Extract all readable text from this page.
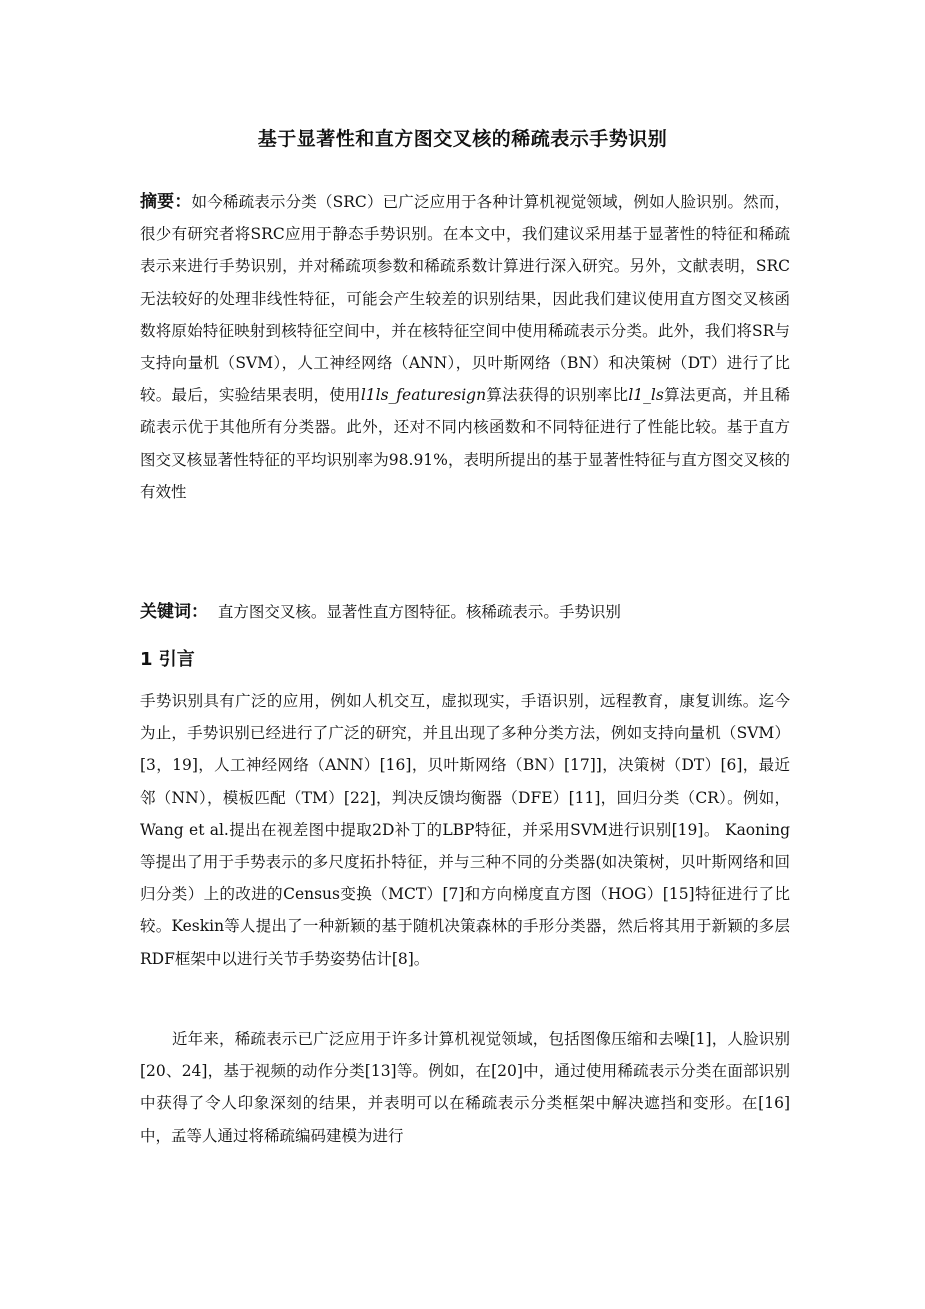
基于显著性和直方图交叉核的稀疏表示手势识别

摘要：如今稀疏表示分类（SRC）已广泛应用于各种计算机视觉领域，例如人脸识别。然而，很少有研究者将SRC应用于静态手势识别。在本文中，我们建议采用基于显著性的特征和稀疏表示来进行手势识别，并对稀疏项参数和稀疏系数计算进行深入研究。另外，文献表明，SRC无法较好的处理非线性特征，可能会产生较差的识别结果，因此我们建议使用直方图交叉核函数将原始特征映射到核特征空间中，并在核特征空间中使用稀疏表示分类。此外，我们将SR与支持向量机（SVM），人工神经网络（ANN），贝叶斯网络（BN）和决策树（DT）进行了比较。最后，实验结果表明，使用l1ls_featuresign算法获得的识别率比l1_ls算法更高，并且稀疏表示优于其他所有分类器。此外，还对不同内核函数和不同特征进行了性能比较。基于直方图交叉核显著性特征的平均识别率为98.91%，表明所提出的基于显著性特征与直方图交叉核的有效性

关键词： 直方图交叉核。显著性直方图特征。核稀疏表示。手势识别
1 引言

手势识别具有广泛的应用，例如人机交互，虚拟现实，手语识别，远程教育，康复训练。迄今为止，手势识别已经进行了广泛的研究，并且出现了多种分类方法，例如支持向量机（SVM）[3，19]，人工神经网络（ANN）[16]，贝叶斯网络（BN）[17]]，决策树（DT）[6]，最近邻（NN），模板匹配（TM）[22]，判决反馈均衡器（DFE）[11]，回归分类（CR）。例如，Wang et al.提出在视差图中提取2D补丁的LBP特征，并采用SVM进行识别[19]。 Kaoning等提出了用于手势表示的多尺度拓扑特征，并与三种不同的分类器(如决策树，贝叶斯网络和回归分类）上的改进的Census变换（MCT）[7]和方向梯度直方图（HOG）[15]特征进行了比较。Keskin等人提出了一种新颖的基于随机决策森林的手形分类器，然后将其用于新颖的多层RDF框架中以进行关节手势姿势估计[8]。

近年来，稀疏表示已广泛应用于许多计算机视觉领域，包括图像压缩和去噪[1]，人脸识别[20、24]，基于视频的动作分类[13]等。例如，在[20]中，通过使用稀疏表示分类在面部识别中获得了令人印象深刻的结果，并表明可以在稀疏表示分类框架中解决遮挡和变形。在[16]中，孟等人通过将稀疏编码建模为进行
